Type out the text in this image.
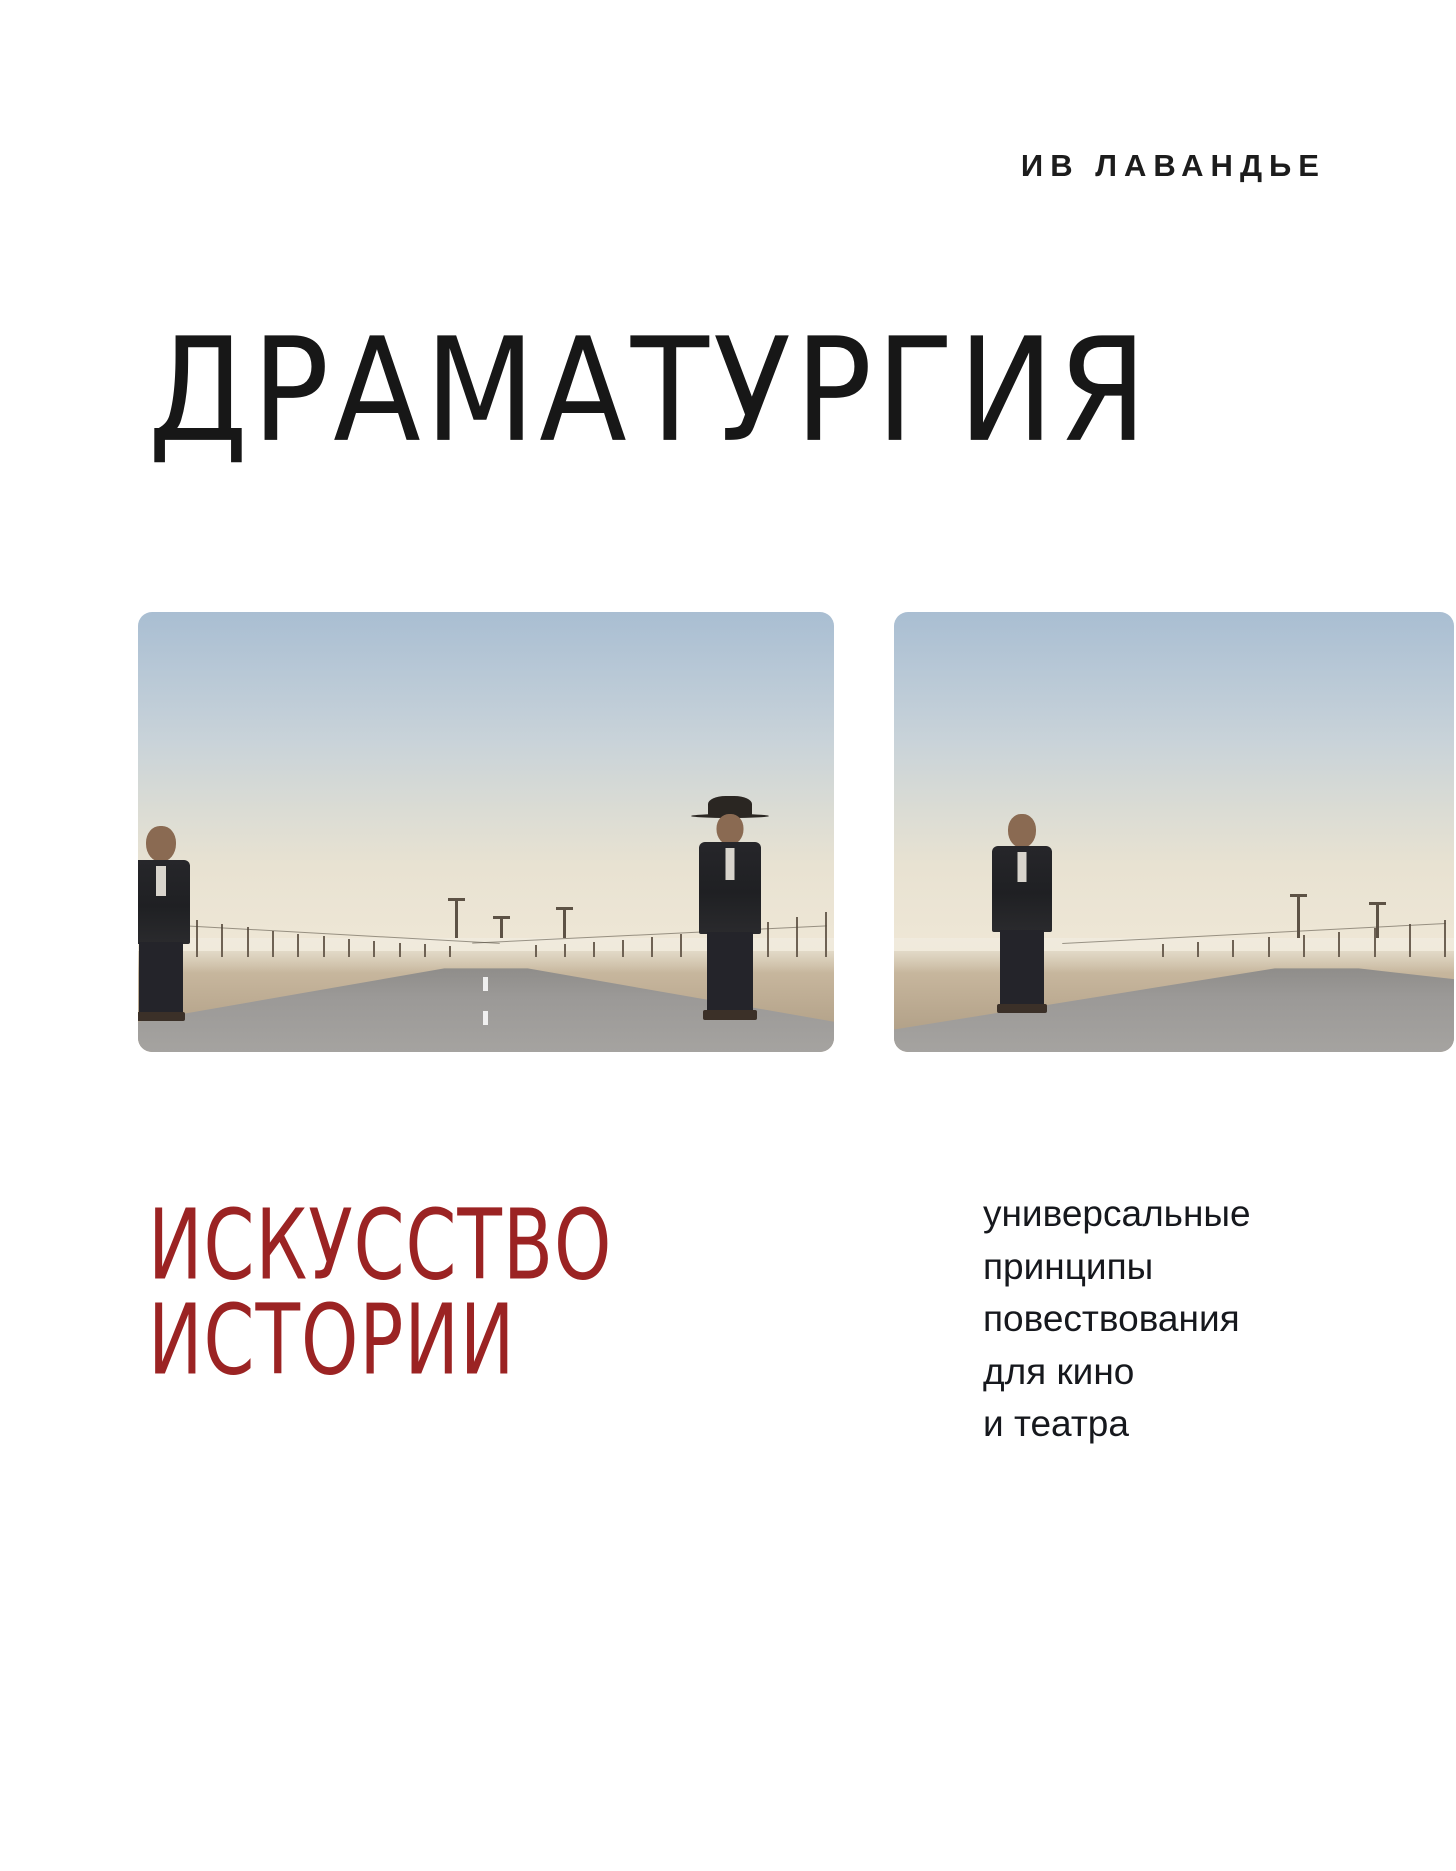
ИВ ЛАВАНДЬЕ
ДРАМАТУРГИЯ
ИСКУССТВО
ИСТОРИИ
универсальные
принципы
повествования
для кино
и театра
